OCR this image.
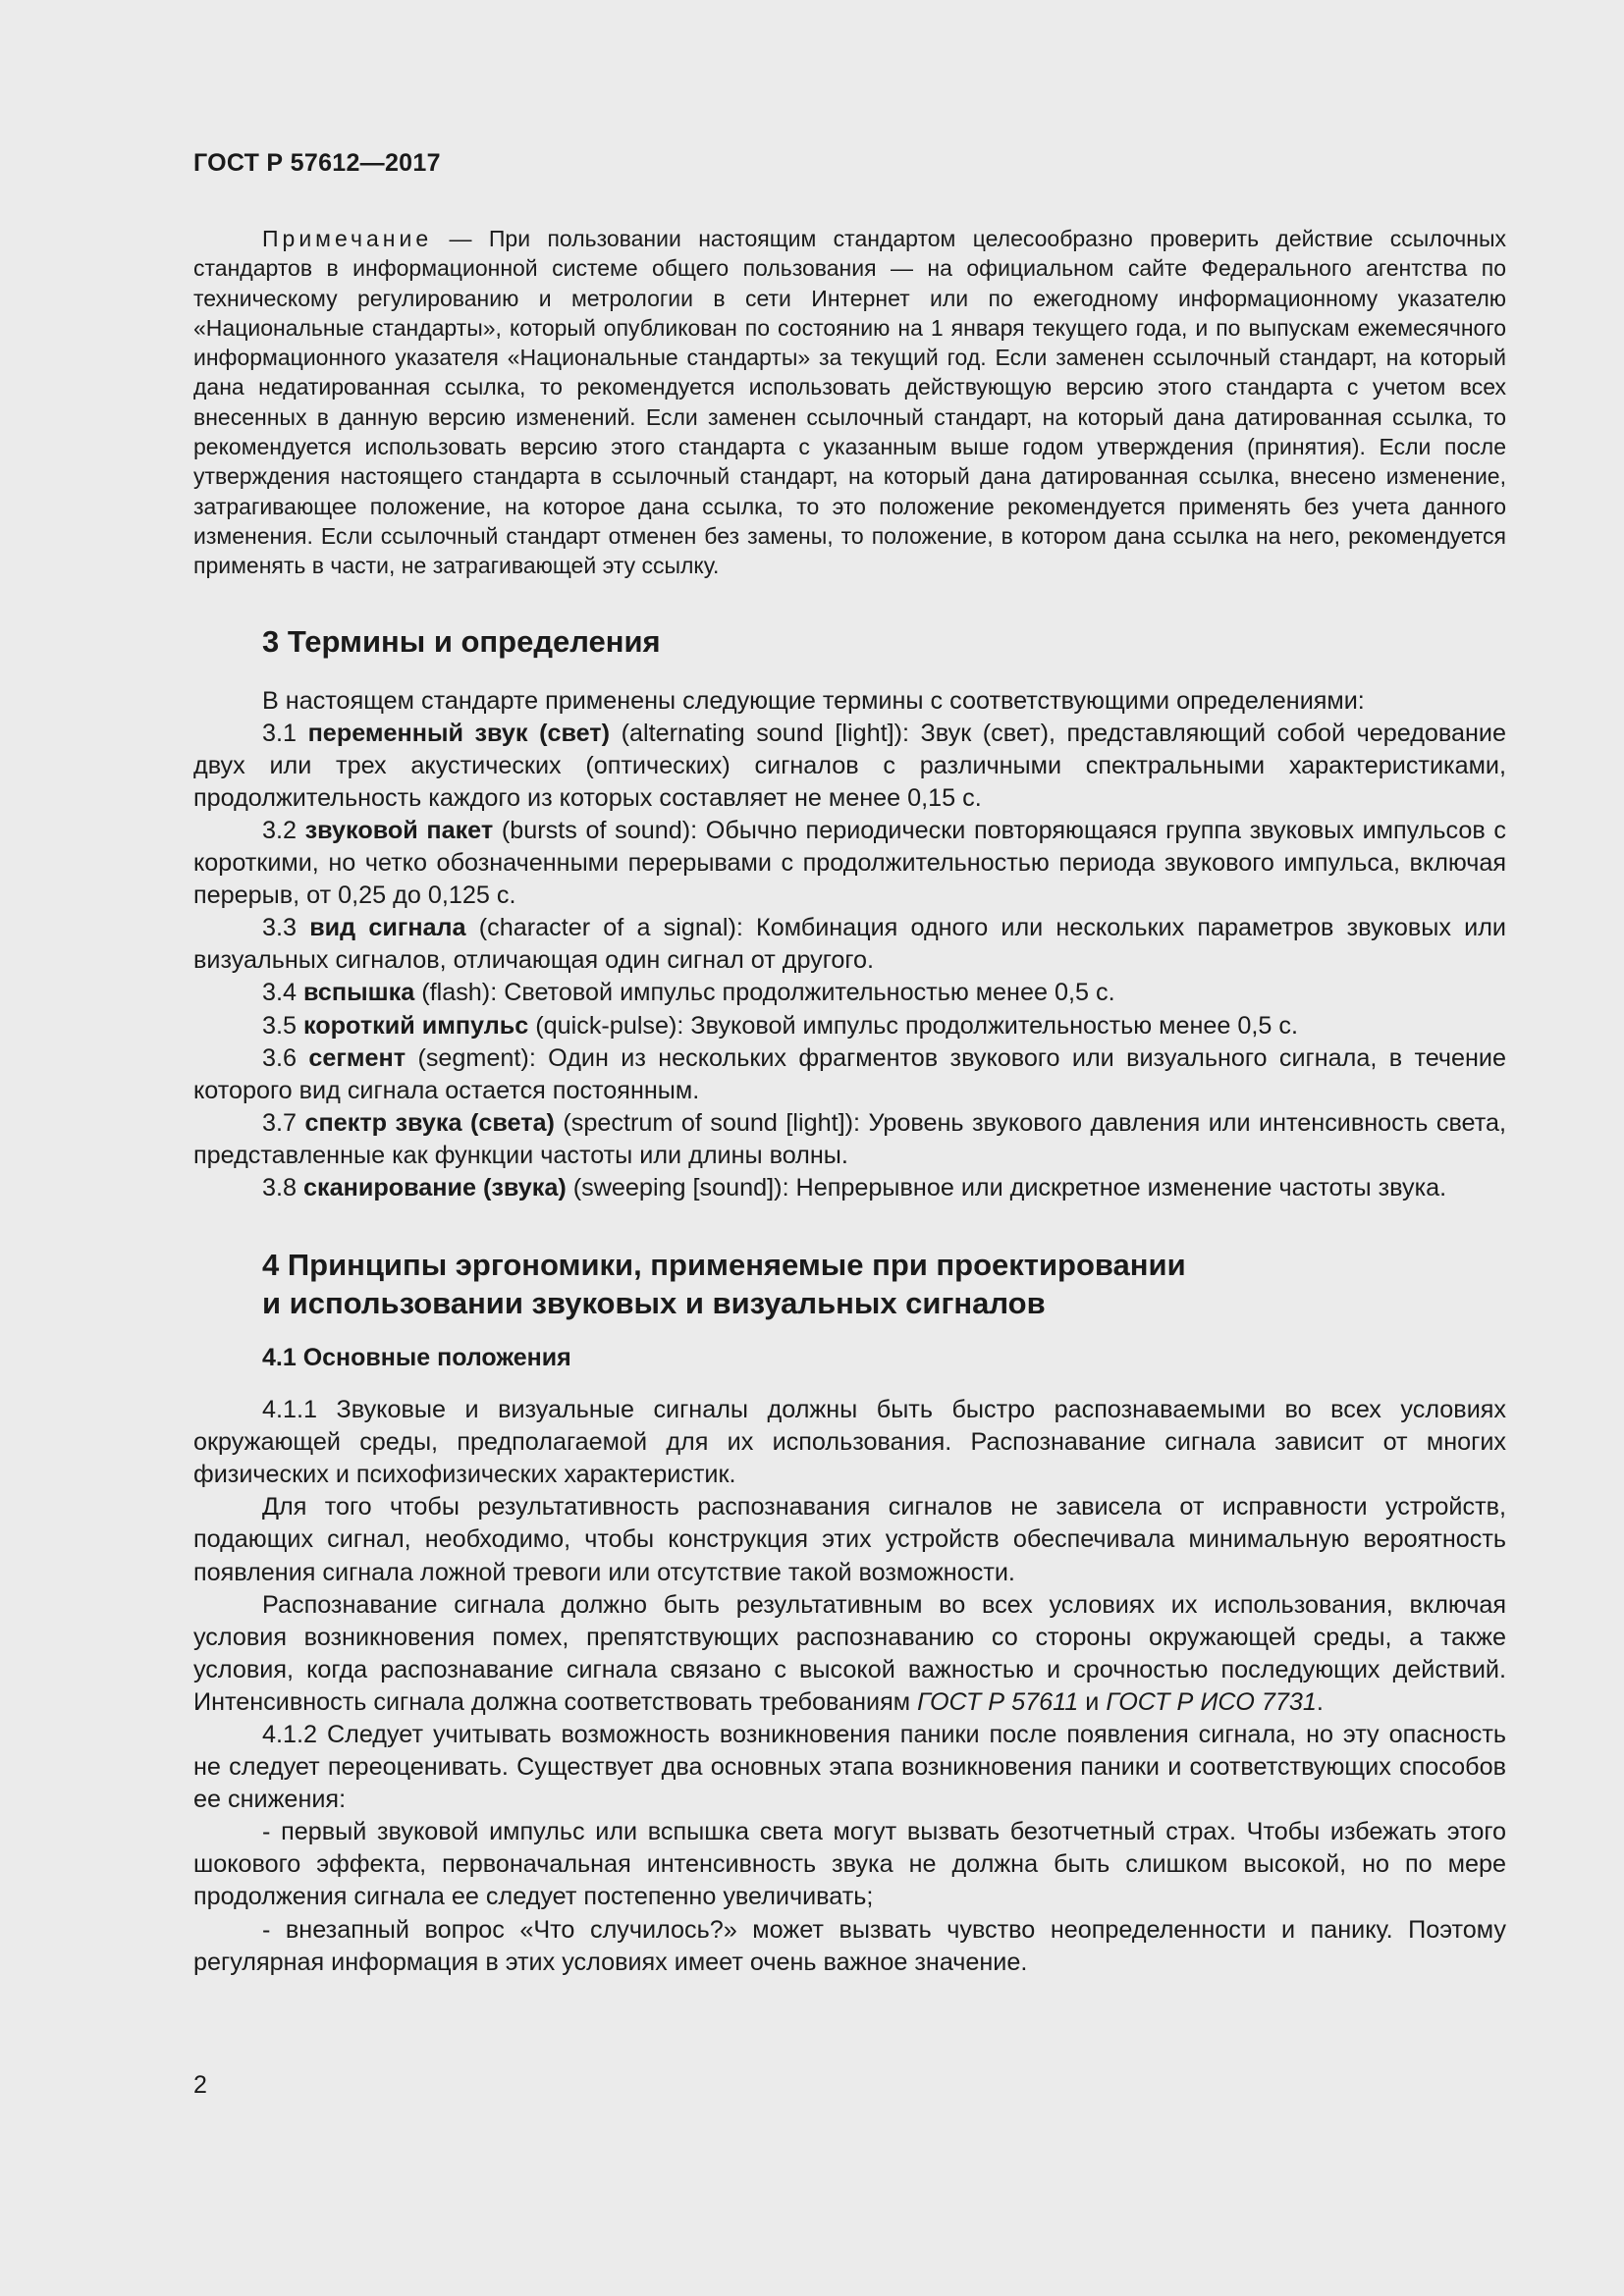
ГОСТ Р 57612—2017

Примечание — При пользовании настоящим стандартом целесообразно проверить действие ссылочных стандартов в информационной системе общего пользования — на официальном сайте Федерального агентства по техническому регулированию и метрологии в сети Интернет или по ежегодному информационному указателю «Национальные стандарты», который опубликован по состоянию на 1 января текущего года, и по выпускам ежемесячного информационного указателя «Национальные стандарты» за текущий год. Если заменен ссылочный стандарт, на который дана недатированная ссылка, то рекомендуется использовать действующую версию этого стандарта с учетом всех внесенных в данную версию изменений. Если заменен ссылочный стандарт, на который дана датированная ссылка, то рекомендуется использовать версию этого стандарта с указанным выше годом утверждения (принятия). Если после утверждения настоящего стандарта в ссылочный стандарт, на который дана датированная ссылка, внесено изменение, затрагивающее положение, на которое дана ссылка, то это положение рекомендуется применять без учета данного изменения. Если ссылочный стандарт отменен без замены, то положение, в котором дана ссылка на него, рекомендуется применять в части, не затрагивающей эту ссылку.

3 Термины и определения

В настоящем стандарте применены следующие термины с соответствующими определениями:

3.1 переменный звук (свет) (alternating sound [light]): Звук (свет), представляющий собой чередование двух или трех акустических (оптических) сигналов с различными спектральными характеристиками, продолжительность каждого из которых составляет не менее 0,15 с.

3.2 звуковой пакет (bursts of sound): Обычно периодически повторяющаяся группа звуковых импульсов с короткими, но четко обозначенными перерывами с продолжительностью периода звукового импульса, включая перерыв, от 0,25 до 0,125 с.

3.3 вид сигнала (character of a signal): Комбинация одного или нескольких параметров звуковых или визуальных сигналов, отличающая один сигнал от другого.

3.4 вспышка (flash): Световой импульс продолжительностью менее 0,5 с.

3.5 короткий импульс (quick-pulse): Звуковой импульс продолжительностью менее 0,5 с.

3.6 сегмент (segment): Один из нескольких фрагментов звукового или визуального сигнала, в течение которого вид сигнала остается постоянным.

3.7 спектр звука (света) (spectrum of sound [light]): Уровень звукового давления или интенсивность света, представленные как функции частоты или длины волны.

3.8 сканирование (звука) (sweeping [sound]): Непрерывное или дискретное изменение частоты звука.

4 Принципы эргономики, применяемые при проектировании
и использовании звуковых и визуальных сигналов
4.1 Основные положения

4.1.1 Звуковые и визуальные сигналы должны быть быстро распознаваемыми во всех условиях окружающей среды, предполагаемой для их использования. Распознавание сигнала зависит от многих физических и психофизических характеристик.

Для того чтобы результативность распознавания сигналов не зависела от исправности устройств, подающих сигнал, необходимо, чтобы конструкция этих устройств обеспечивала минимальную вероятность появления сигнала ложной тревоги или отсутствие такой возможности.

Распознавание сигнала должно быть результативным во всех условиях их использования, включая условия возникновения помех, препятствующих распознаванию со стороны окружающей среды, а также условия, когда распознавание сигнала связано с высокой важностью и срочностью последующих действий. Интенсивность сигнала должна соответствовать требованиям ГОСТ Р 57611 и ГОСТ Р ИСО 7731.

4.1.2 Следует учитывать возможность возникновения паники после появления сигнала, но эту опасность не следует переоценивать. Существует два основных этапа возникновения паники и соответствующих способов ее снижения:

- первый звуковой импульс или вспышка света могут вызвать безотчетный страх. Чтобы избежать этого шокового эффекта, первоначальная интенсивность звука не должна быть слишком высокой, но по мере продолжения сигнала ее следует постепенно увеличивать;

- внезапный вопрос «Что случилось?» может вызвать чувство неопределенности и панику. Поэтому регулярная информация в этих условиях имеет очень важное значение.

2
